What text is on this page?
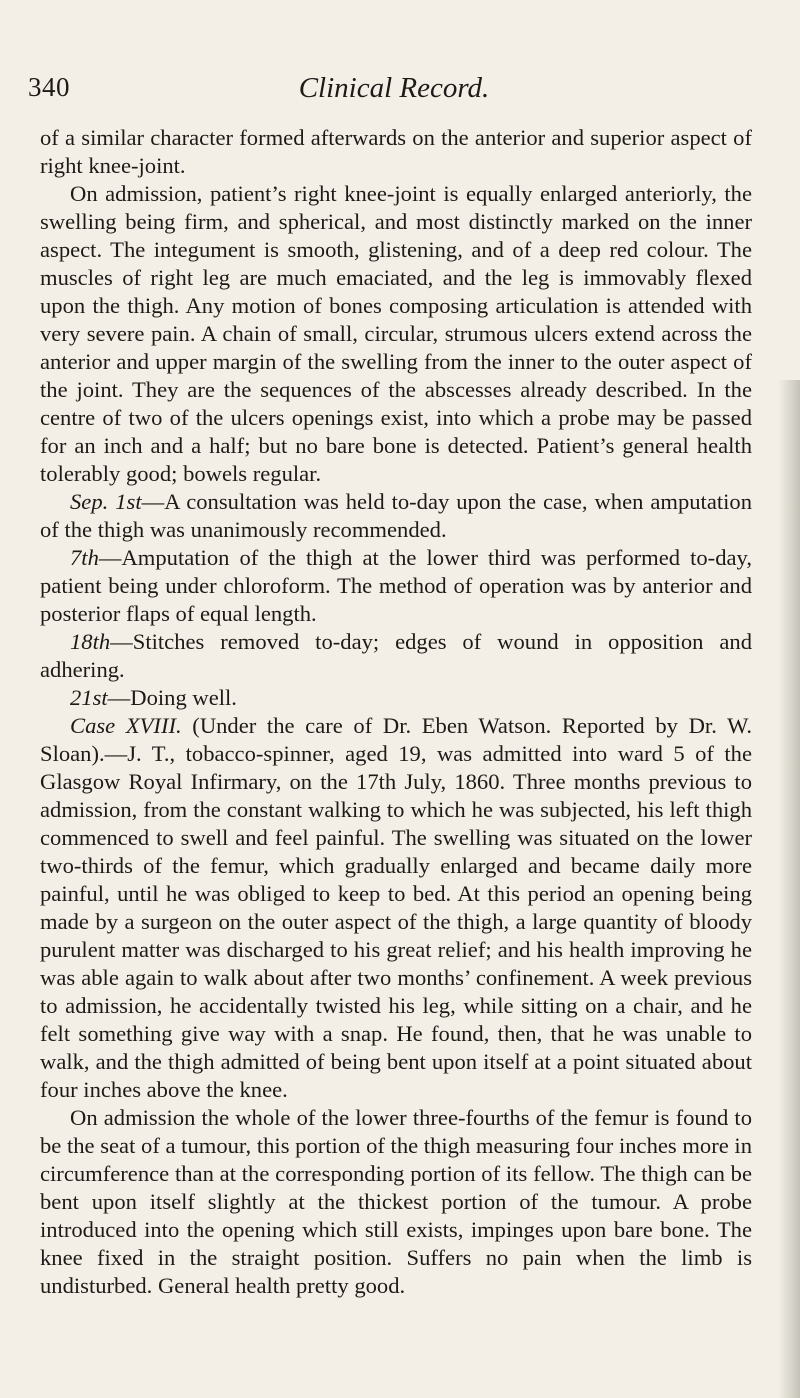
340	Clinical Record.

of a similar character formed afterwards on the anterior and superior aspect of right knee-joint.

On admission, patient’s right knee-joint is equally enlarged anteriorly, the swelling being firm, and spherical, and most distinctly marked on the inner aspect. The integument is smooth, glistening, and of a deep red colour. The muscles of right leg are much emaciated, and the leg is immovably flexed upon the thigh. Any motion of bones composing articulation is attended with very severe pain. A chain of small, circular, strumous ulcers extend across the anterior and upper margin of the swelling from the inner to the outer aspect of the joint. They are the sequences of the abscesses already described. In the centre of two of the ulcers openings exist, into which a probe may be passed for an inch and a half; but no bare bone is detected. Patient’s general health tolerably good; bowels regular.

Sep. 1st—A consultation was held to-day upon the case, when amputation of the thigh was unanimously recommended.

7th—Amputation of the thigh at the lower third was performed to-day, patient being under chloroform. The method of operation was by anterior and posterior flaps of equal length.

18th—Stitches removed to-day; edges of wound in opposition and adhering.

21st—Doing well.

Case XVIII. (Under the care of Dr. Eben Watson. Reported by Dr. W. Sloan).—J. T., tobacco-spinner, aged 19, was admitted into ward 5 of the Glasgow Royal Infirmary, on the 17th July, 1860. Three months previous to admission, from the constant walking to which he was subjected, his left thigh commenced to swell and feel painful. The swelling was situated on the lower two-thirds of the femur, which gradually enlarged and became daily more painful, until he was obliged to keep to bed. At this period an opening being made by a surgeon on the outer aspect of the thigh, a large quantity of bloody purulent matter was discharged to his great relief; and his health improving he was able again to walk about after two months’ confinement. A week previous to admission, he accidentally twisted his leg, while sitting on a chair, and he felt something give way with a snap. He found, then, that he was unable to walk, and the thigh admitted of being bent upon itself at a point situated about four inches above the knee.

On admission the whole of the lower three-fourths of the femur is found to be the seat of a tumour, this portion of the thigh measuring four inches more in circumference than at the corresponding portion of its fellow. The thigh can be bent upon itself slightly at the thickest portion of the tumour. A probe introduced into the opening which still exists, impinges upon bare bone. The knee fixed in the straight position. Suffers no pain when the limb is undisturbed. General health pretty good.
